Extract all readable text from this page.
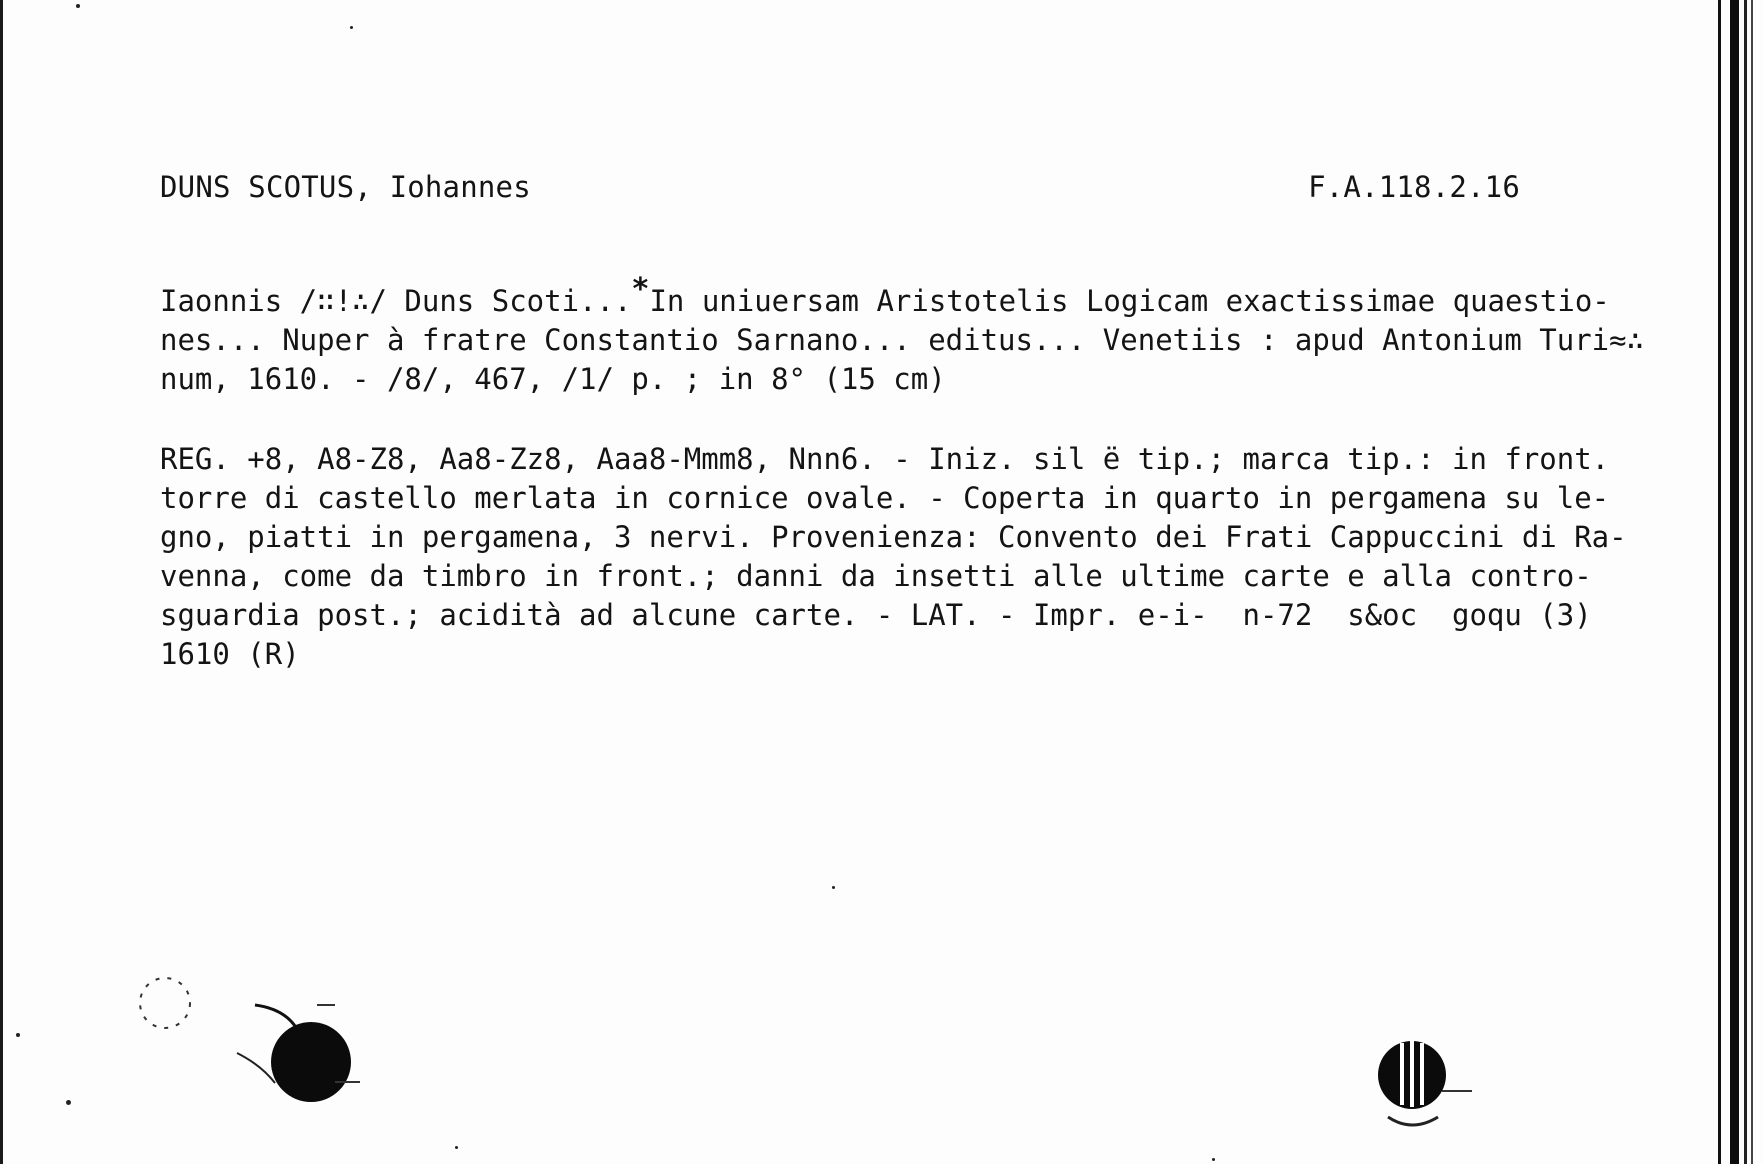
DUNS SCOTUS, Iohannes	F.A.118.2.16
Iaonnis /∷!∴/ Duns Scoti...*In uniuersam Aristotelis Logicam exactissimae quaestio-
nes... Nuper à fratre Constantio Sarnano... editus... Venetiis : apud Antonium Turi≈∴
num, 1610. - /8/, 467, /1/ p. ; in 8° (15 cm)
REG. +8, A8-Z8, Aa8-Zz8, Aaa8-Mmm8, Nnn6. - Iniz. sil ë tip.; marca tip.: in front.
torre di castello merlata in cornice ovale. - Coperta in quarto in pergamena su le-
gno, piatti in pergamena, 3 nervi. Provenienza: Convento dei Frati Cappuccini di Ra-
venna, come da timbro in front.; danni da insetti alle ultime carte e alla contro-
sguardia post.; acidità ad alcune carte. - LAT. - Impr. e-i-  n-72  s&oc  goqu (3)
1610 (R)
